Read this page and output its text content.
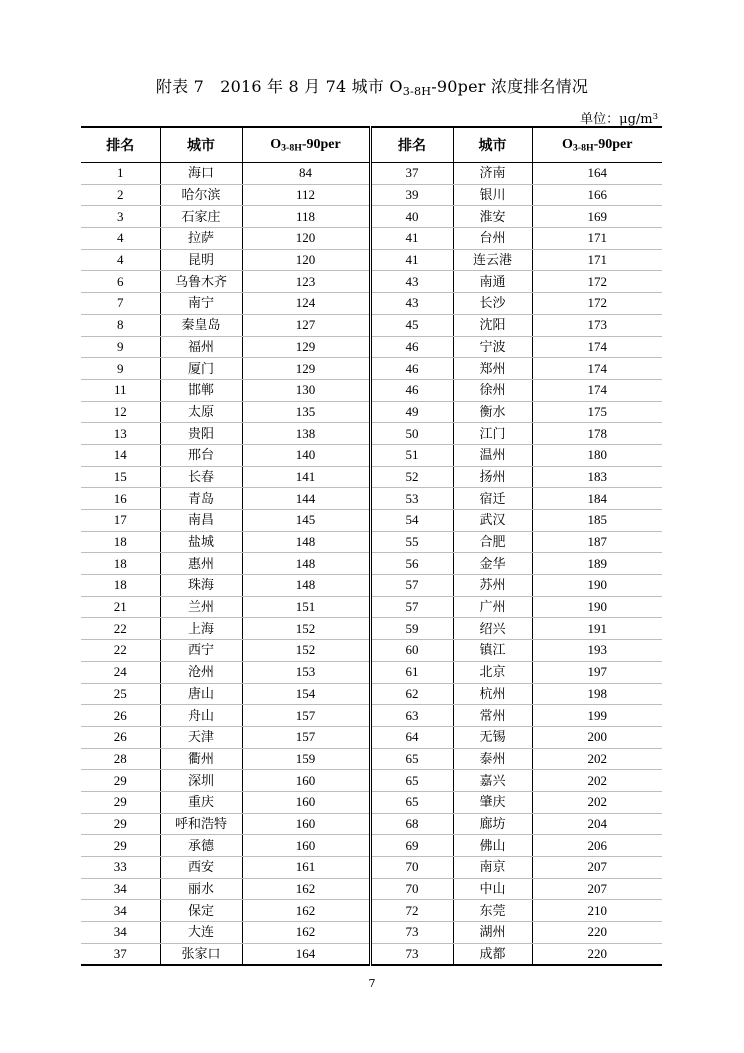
附表 7　2016 年 8 月 74 城市 $O_{3-8H}-90per$ 浓度排名情况
单位：$\mu g/m^3$
排名	城市	$O_{3-8H}-90per$	排名	城市	$O_{3-8H}-90per$
1	海口	84	37	济南	164
2	哈尔滨	112	39	银川	166
3	石家庄	118	40	淮安	169
4	拉萨	120	41	台州	171
4	昆明	120	41	连云港	171
6	乌鲁木齐	123	43	南通	172
7	南宁	124	43	长沙	172
8	秦皇岛	127	45	沈阳	173
9	福州	129	46	宁波	174
9	厦门	129	46	郑州	174
11	邯郸	130	46	徐州	174
12	太原	135	49	衡水	175
13	贵阳	138	50	江门	178
14	邢台	140	51	温州	180
15	长春	141	52	扬州	183
16	青岛	144	53	宿迁	184
17	南昌	145	54	武汉	185
18	盐城	148	55	合肥	187
18	惠州	148	56	金华	189
18	珠海	148	57	苏州	190
21	兰州	151	57	广州	190
22	上海	152	59	绍兴	191
22	西宁	152	60	镇江	193
24	沧州	153	61	北京	197
25	唐山	154	62	杭州	198
26	舟山	157	63	常州	199
26	天津	157	64	无锡	200
28	衢州	159	65	泰州	202
29	深圳	160	65	嘉兴	202
29	重庆	160	65	肇庆	202
29	呼和浩特	160	68	廊坊	204
29	承德	160	69	佛山	206
33	西安	161	70	南京	207
34	丽水	162	70	中山	207
34	保定	162	72	东莞	210
34	大连	162	73	湖州	220
37	张家口	164	73	成都	220
7
